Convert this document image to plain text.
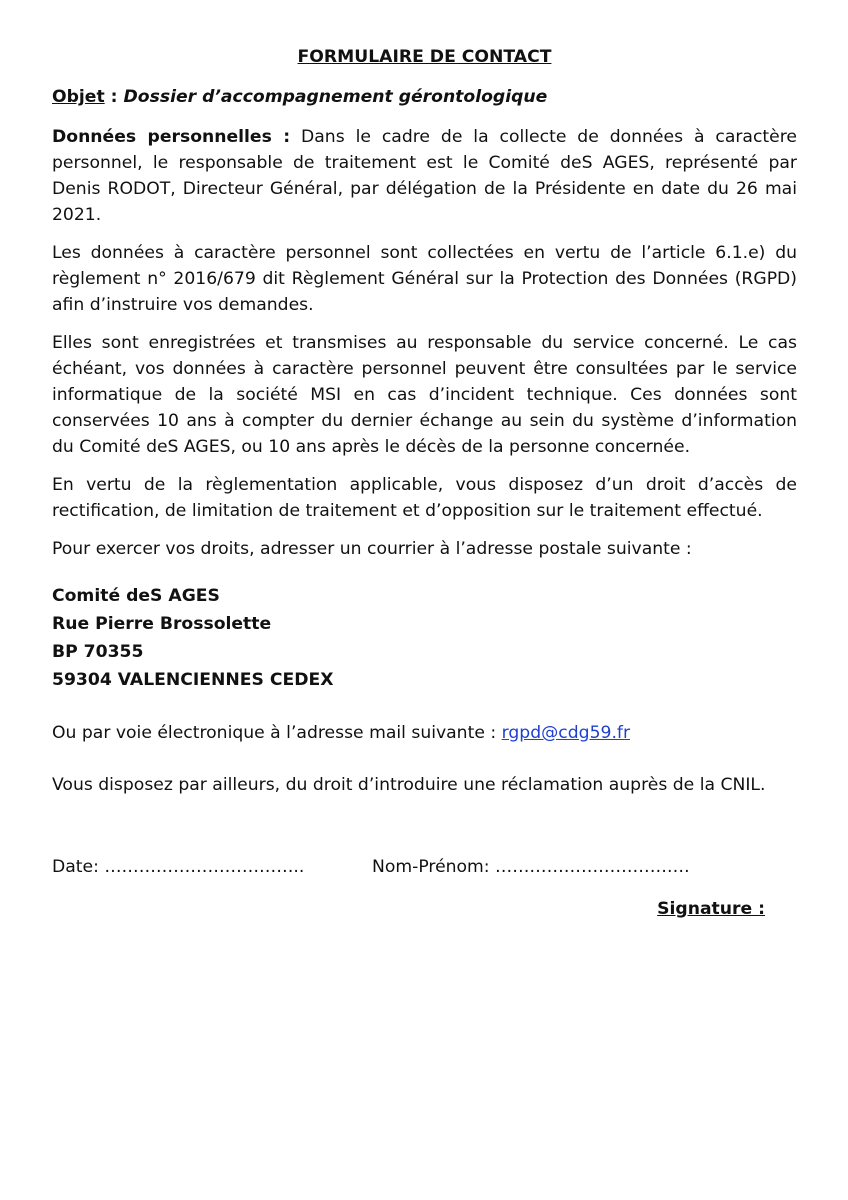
FORMULAIRE DE CONTACT
Objet : Dossier d’accompagnement gérontologique

Données personnelles : Dans le cadre de la collecte de données à caractère personnel, le responsable de traitement est le Comité deS AGES, représenté par Denis RODOT, Directeur Général, par délégation de la Présidente en date du 26 mai 2021.

Les données à caractère personnel sont collectées en vertu de l’article 6.1.e) du règlement n° 2016/679 dit Règlement Général sur la Protection des Données (RGPD) afin d’instruire vos demandes.

Elles sont enregistrées et transmises au responsable du service concerné. Le cas échéant, vos données à caractère personnel peuvent être consultées par le service informatique de la société MSI en cas d’incident technique. Ces données sont conservées 10 ans à compter du dernier échange au sein du système d’information du Comité deS AGES, ou 10 ans après le décès de la personne concernée.

En vertu de la règlementation applicable, vous disposez d’un droit d’accès de rectification, de limitation de traitement et d’opposition sur le traitement effectué.

Pour exercer vos droits, adresser un courrier à l’adresse postale suivante :

Comité deS AGES
Rue Pierre Brossolette
BP 70355
59304 VALENCIENNES CEDEX
Ou par voie électronique à l’adresse mail suivante : rgpd@cdg59.fr
Vous disposez par ailleurs, du droit d’introduire une réclamation auprès de la CNIL.
Date: ……………………………..	Nom-Prénom: …………………………….
Signature :
